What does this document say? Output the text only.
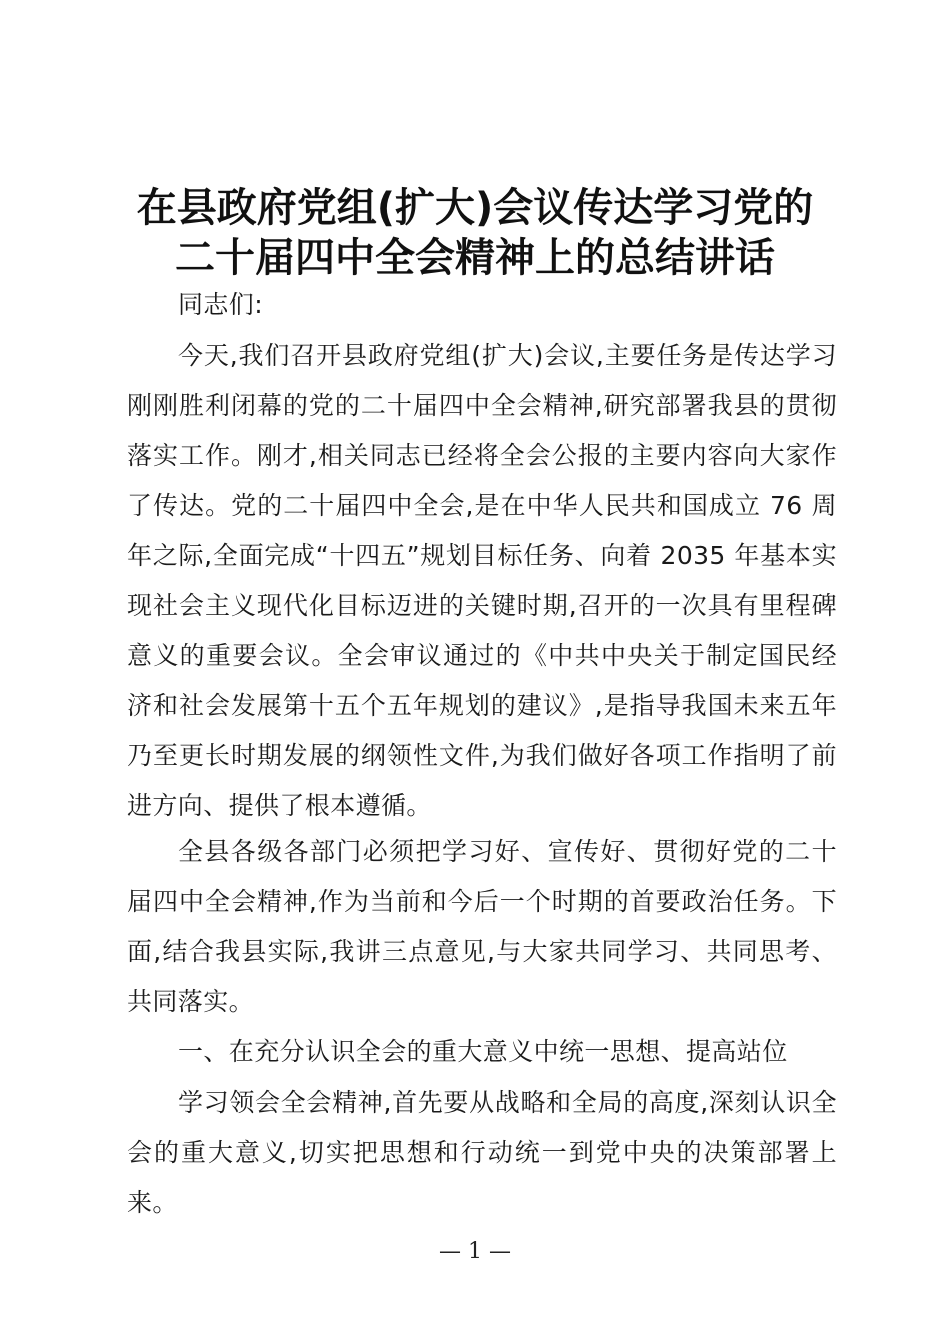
在县政府党组(扩大)会议传达学习党的
二十届四中全会精神上的总结讲话
同志们:

今天,我们召开县政府党组(扩大)会议,主要任务是传达学习刚刚胜利闭幕的党的二十届四中全会精神,研究部署我县的贯彻落实工作。刚才,相关同志已经将全会公报的主要内容向大家作了传达。党的二十届四中全会,是在中华人民共和国成立 76 周年之际,全面完成“十四五”规划目标任务、向着 2035 年基本实现社会主义现代化目标迈进的关键时期,召开的一次具有里程碑意义的重要会议。全会审议通过的《中共中央关于制定国民经济和社会发展第十五个五年规划的建议》,是指导我国未来五年乃至更长时期发展的纲领性文件,为我们做好各项工作指明了前进方向、提供了根本遵循。

全县各级各部门必须把学习好、宣传好、贯彻好党的二十届四中全会精神,作为当前和今后一个时期的首要政治任务。下面,结合我县实际,我讲三点意见,与大家共同学习、共同思考、共同落实。

一、在充分认识全会的重大意义中统一思想、提高站位

学习领会全会精神,首先要从战略和全局的高度,深刻认识全会的重大意义,切实把思想和行动统一到党中央的决策部署上来。

— 1 —
